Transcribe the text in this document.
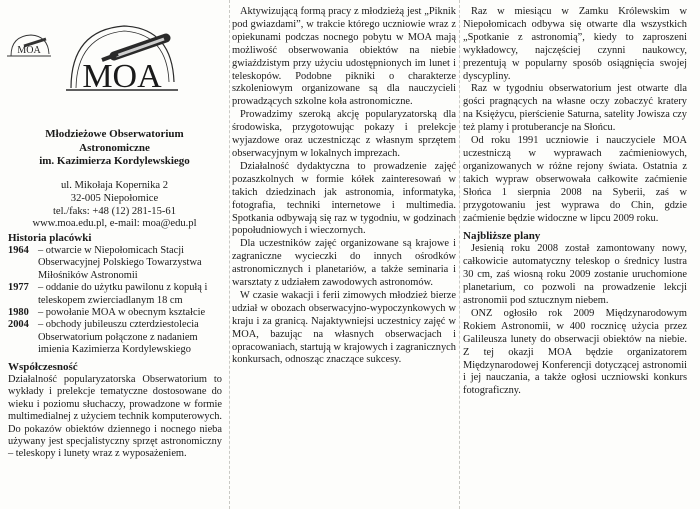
MOA
MOA
Młodzieżowe Obserwatorium
Astronomiczne
im. Kazimierza Kordylewskiego
ul. Mikołaja Kopernika 2
32-005 Niepołomice
tel./faks: +48 (12) 281-15-61
www.moa.edu.pl, e-mail: moa@edu.pl
Historia placówki
1964 – otwarcie w Niepołomicach Stacji Obserwacyjnej Polskiego Towarzystwa Miłośników Astronomii
1977 – oddanie do użytku pawilonu z kopułą i teleskopem zwierciadlanym 18 cm
1980 – powołanie MOA w obecnym kształcie
2004 – obchody jubileuszu czterdziestolecia Obserwatorium połączone z nadaniem imienia Kazimierza Kordylewskiego
Współczesność

Działalność popularyzatorska Obserwatorium to wykłady i prelekcje tematyczne dostosowane do wieku i poziomu słuchaczy, prowadzone w formie multimedialnej z użyciem technik komputerowych. Do pokazów obiektów dziennego i nocnego nieba używany jest specjalistyczny sprzęt astronomiczny – teleskopy i lunety wraz z wyposażeniem.

Aktywizującą formą pracy z młodzieżą jest „Piknik pod gwiazdami”, w trakcie którego uczniowie wraz z opiekunami podczas nocnego pobytu w MOA mają możliwość obserwowania obiektów na niebie gwiaździstym przy użyciu udostępnionych im lunet i teleskopów. Podobne pikniki o charakterze szkoleniowym organizowane są dla nauczycieli prowadzących szkolne koła astronomiczne.

Prowadzimy szeroką akcję popularyzatorską dla środowiska, przygotowując pokazy i prelekcje wyjazdowe oraz uczestnicząc z własnym sprzętem obserwacyjnym w lokalnych imprezach.

Działalność dydaktyczna to prowadzenie zajęć pozaszkolnych w formie kółek zainteresowań w takich dziedzinach jak astronomia, informatyka, fotografia, techniki internetowe i multimedia. Spotkania odbywają się raz w tygodniu, w godzinach popołudniowych i wieczornych.

Dla uczestników zajęć organizowane są krajowe i zagraniczne wycieczki do innych ośrodków astronomicznych i planetariów, a także seminaria i warsztaty z udziałem zawodowych astronomów.

W czasie wakacji i ferii zimowych młodzież bierze udział w obozach obserwacyjno-wypoczynkowych w kraju i za granicą. Najaktywniejsi uczestnicy zajęć w MOA, bazując na własnych obserwacjach i opracowaniach, startują w krajowych i zagranicznych konkursach, odnosząc znaczące sukcesy.

Raz w miesiącu w Zamku Królewskim w Niepołomicach odbywa się otwarte dla wszystkich „Spotkanie z astronomią”, kiedy to zaproszeni wykładowcy, najczęściej czynni naukowcy, prezentują w popularny sposób osiągnięcia swojej dyscypliny.

Raz w tygodniu obserwatorium jest otwarte dla gości pragnących na własne oczy zobaczyć kratery na Księżycu, pierścienie Saturna, satelity Jowisza czy też plamy i protuberancje na Słońcu.

Od roku 1991 uczniowie i nauczyciele MOA uczestniczą w wyprawach zaćmieniowych, organizowanych w różne rejony świata. Ostatnia z takich wypraw obserwowała całkowite zaćmienie Słońca 1 sierpnia 2008 na Syberii, zaś w przygotowaniu jest wyprawa do Chin, gdzie zaćmienie będzie widoczne w lipcu 2009 roku.

Najbliższe plany

Jesienią roku 2008 został zamontowany nowy, całkowicie automatyczny teleskop o średnicy lustra 30 cm, zaś wiosną roku 2009 zostanie uruchomione planetarium, co pozwoli na prowadzenie lekcji astronomii pod sztucznym niebem.

ONZ ogłosiło rok 2009 Międzynarodowym Rokiem Astronomii, w 400 rocznicę użycia przez Galileusza lunety do obserwacji obiektów na niebie. Z tej okazji MOA będzie organizatorem Międzynarodowej Konferencji dotyczącej astronomii i jej nauczania, a także ogłosi uczniowski konkurs fotograficzny.
